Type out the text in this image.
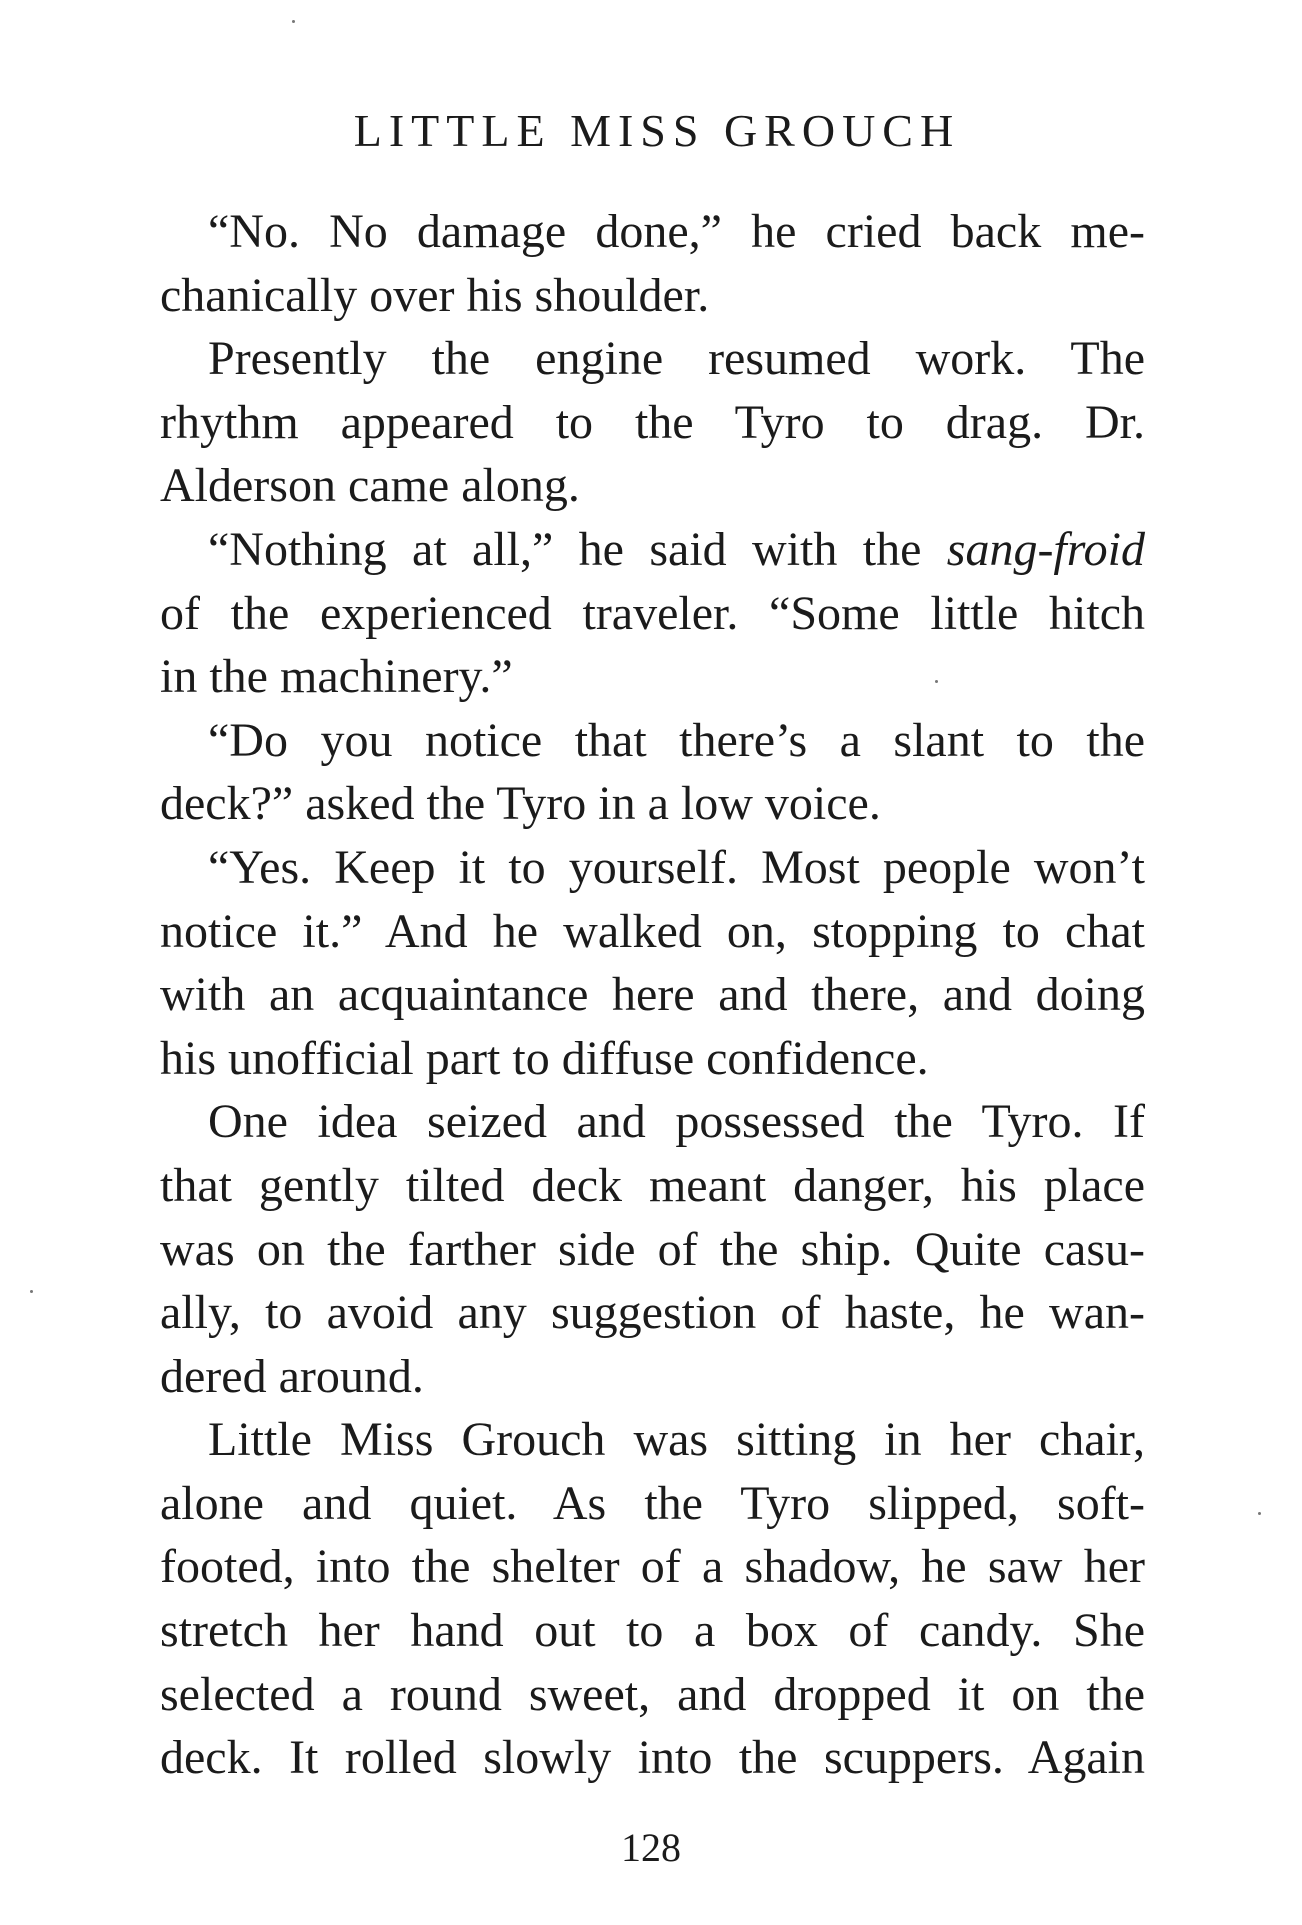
LITTLE MISS GROUCH
“No. No damage done,” he cried back me-
chanically over his shoulder.
Presently the engine resumed work. The
rhythm appeared to the Tyro to drag. Dr.
Alderson came along.
“Nothing at all,” he said with the sang-froid
of the experienced traveler. “Some little hitch
in the machinery.”
“Do you notice that there’s a slant to the
deck?” asked the Tyro in a low voice.
“Yes. Keep it to yourself. Most people won’t
notice it.” And he walked on, stopping to chat
with an acquaintance here and there, and doing
his unofficial part to diffuse confidence.
One idea seized and possessed the Tyro. If
that gently tilted deck meant danger, his place
was on the farther side of the ship. Quite casu-
ally, to avoid any suggestion of haste, he wan-
dered around.
Little Miss Grouch was sitting in her chair,
alone and quiet. As the Tyro slipped, soft-
footed, into the shelter of a shadow, he saw her
stretch her hand out to a box of candy. She
selected a round sweet, and dropped it on the
deck. It rolled slowly into the scuppers. Again
128
